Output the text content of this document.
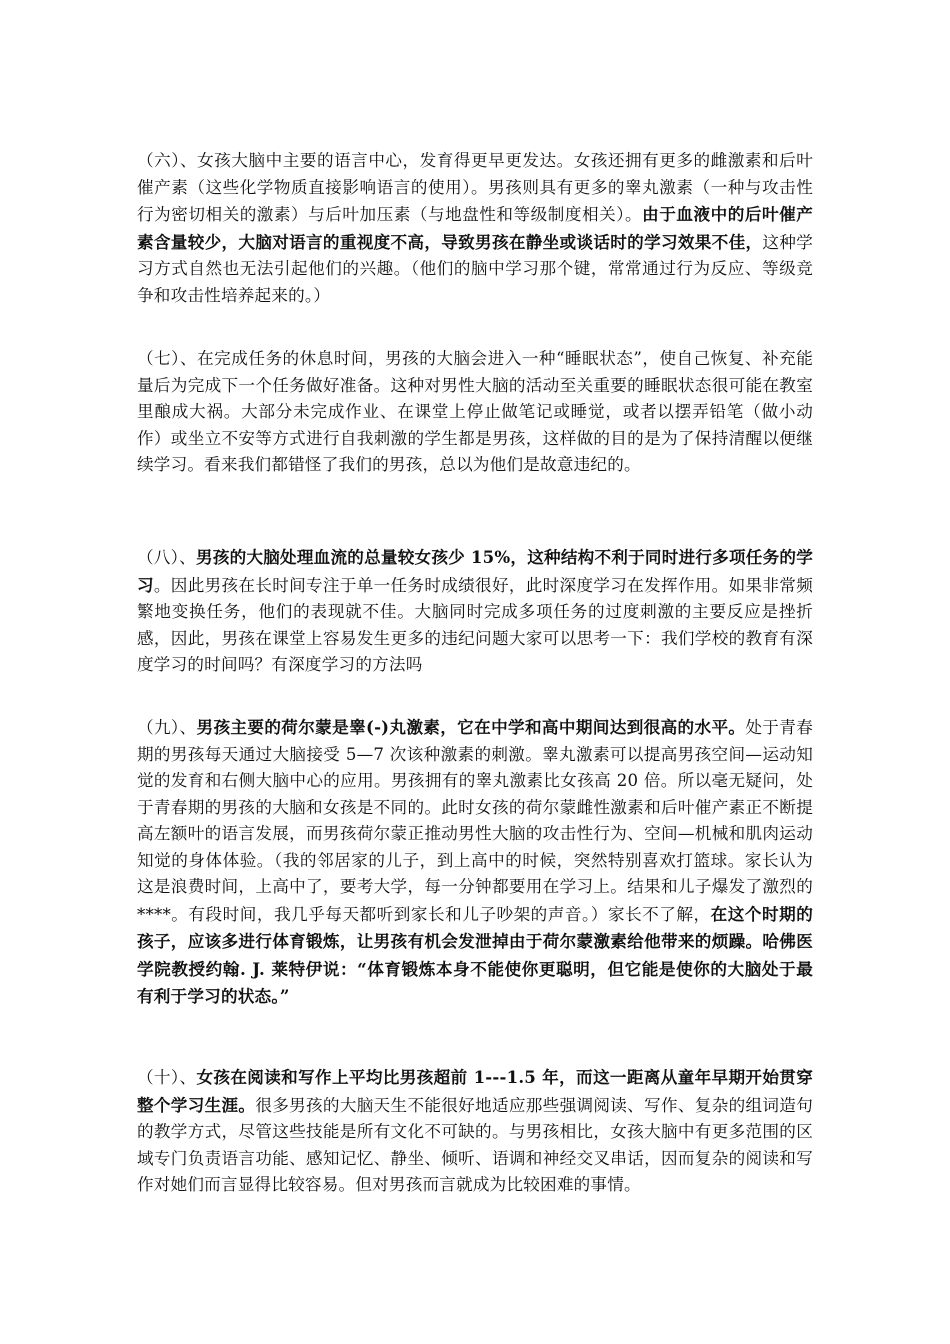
（六）、女孩大脑中主要的语言中心，发育得更早更发达。女孩还拥有更多的雌激素和后叶催产素（这些化学物质直接影响语言的使用）。男孩则具有更多的睾丸激素（一种与攻击性行为密切相关的激素）与后叶加压素（与地盘性和等级制度相关）。由于血液中的后叶催产素含量较少，大脑对语言的重视度不高，导致男孩在静坐或谈话时的学习效果不佳，这种学习方式自然也无法引起他们的兴趣。（他们的脑中学习那个键，常常通过行为反应、等级竞争和攻击性培养起来的。）

（七）、在完成任务的休息时间，男孩的大脑会进入一种“睡眠状态”，使自己恢复、补充能量后为完成下一个任务做好准备。这种对男性大脑的活动至关重要的睡眠状态很可能在教室里酿成大祸。大部分未完成作业、在课堂上停止做笔记或睡觉，或者以摆弄铅笔（做小动作）或坐立不安等方式进行自我刺激的学生都是男孩，这样做的目的是为了保持清醒以便继续学习。看来我们都错怪了我们的男孩，总以为他们是故意违纪的。

（八）、男孩的大脑处理血流的总量较女孩少 15%，这种结构不利于同时进行多项任务的学习。因此男孩在长时间专注于单一任务时成绩很好，此时深度学习在发挥作用。如果非常频繁地变换任务，他们的表现就不佳。大脑同时完成多项任务的过度刺激的主要反应是挫折感，因此，男孩在课堂上容易发生更多的违纪问题大家可以思考一下：我们学校的教育有深度学习的时间吗？有深度学习的方法吗

（九）、男孩主要的荷尔蒙是睾(-)丸激素，它在中学和高中期间达到很高的水平。处于青春期的男孩每天通过大脑接受 5—7 次该种激素的刺激。睾丸激素可以提高男孩空间—运动知觉的发育和右侧大脑中心的应用。男孩拥有的睾丸激素比女孩高 20 倍。所以毫无疑问，处于青春期的男孩的大脑和女孩是不同的。此时女孩的荷尔蒙雌性激素和后叶催产素正不断提高左额叶的语言发展，而男孩荷尔蒙正推动男性大脑的攻击性行为、空间—机械和肌肉运动知觉的身体体验。（我的邻居家的儿子，到上高中的时候，突然特别喜欢打篮球。家长认为这是浪费时间，上高中了，要考大学，每一分钟都要用在学习上。结果和儿子爆发了激烈的****。有段时间，我几乎每天都听到家长和儿子吵架的声音。）家长不了解，在这个时期的孩子，应该多进行体育锻炼，让男孩有机会发泄掉由于荷尔蒙激素给他带来的烦躁。哈佛医学院教授约翰. J. 莱特伊说：“体育锻炼本身不能使你更聪明，但它能是使你的大脑处于最有利于学习的状态。”

（十）、女孩在阅读和写作上平均比男孩超前 1---1.5 年，而这一距离从童年早期开始贯穿整个学习生涯。很多男孩的大脑天生不能很好地适应那些强调阅读、写作、复杂的组词造句的教学方式，尽管这些技能是所有文化不可缺的。与男孩相比，女孩大脑中有更多范围的区域专门负责语言功能、感知记忆、静坐、倾听、语调和神经交叉串话，因而复杂的阅读和写作对她们而言显得比较容易。但对男孩而言就成为比较困难的事情。
